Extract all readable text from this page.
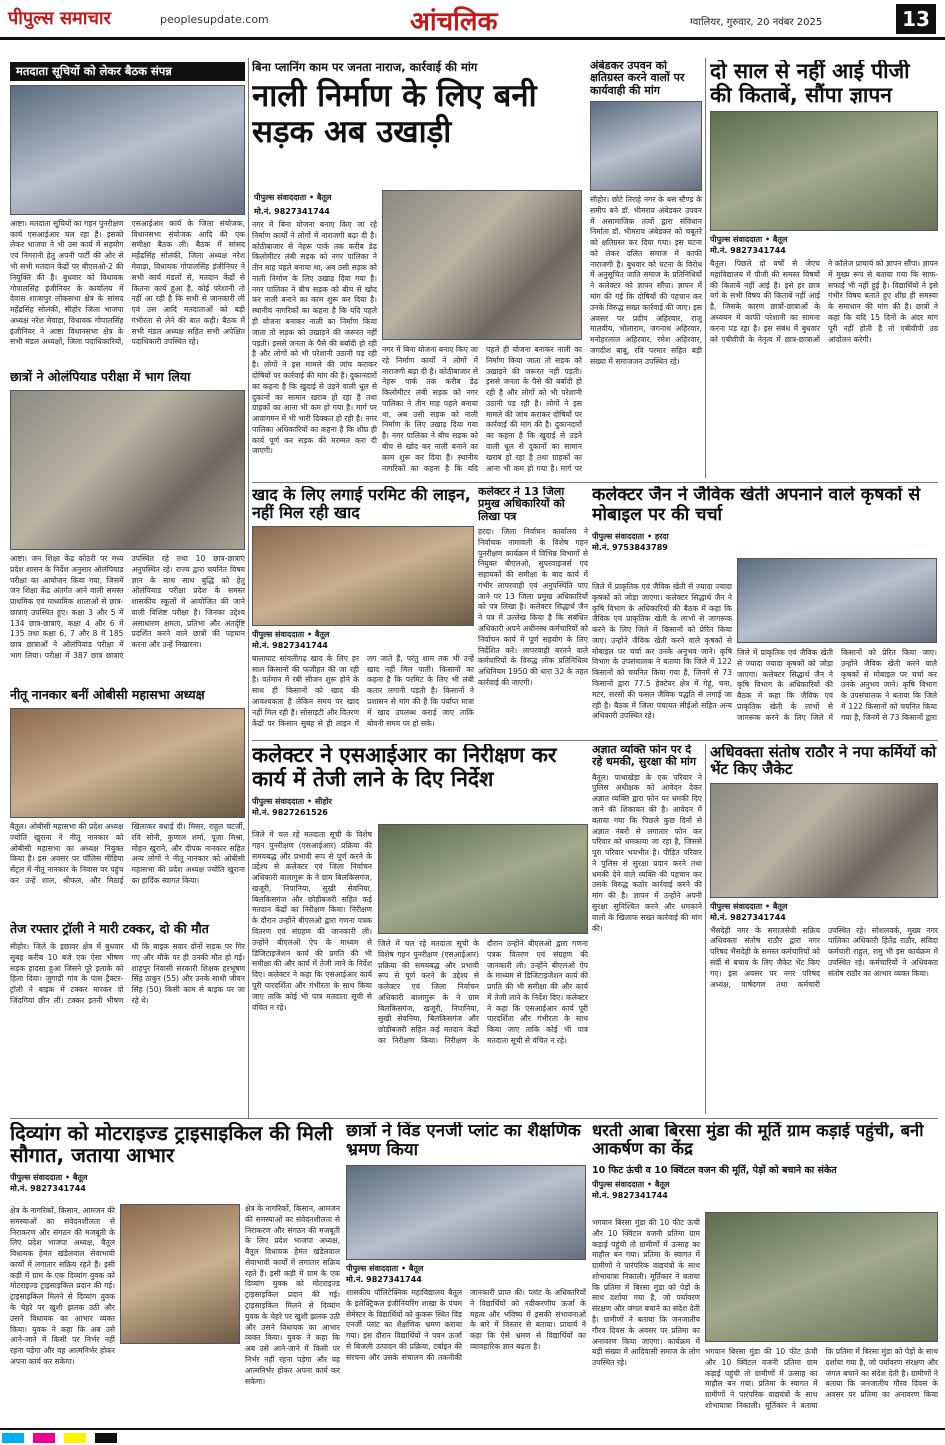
पीपुल्स समाचार	peoplesupdate.com	आंचलिक	ग्वालियर, गुरुवार, 20 नवंबर 2025	13
मतदाता सूचियों को लेकर बैठक संपन्न
आष्टा। मतदाता सूचियों का गहन पुनरीक्षण कार्य एसआईआर चल रहा है। इसको लेकर भाजपा ने भी उस कार्य में सहयोग एवं निगरानी हेतु अपनी पार्टी की ओर से भी सभी मतदान केंद्रों पर बीएलओ-2 की नियुक्ति की है। बुधवार को विधायक गोपालसिंह इंजीनियर के कार्यालय में देवास शाजापुर लोकसभा क्षेत्र के सांसद महेंद्रसिंह सोलंकी, सीहोर जिला भाजपा अध्यक्ष नरेश मेवाड़ा, विधायक गोपालसिंह इंजीनियर ने आष्टा विधानसभा क्षेत्र के सभी मंडल अध्यक्षों, जिला पदाधिकारियों, एसआईआर कार्य के जिला संयोजक, विधानसभा संयोजक आदि की एक समीक्षा बैठक ली। बैठक में सांसद महेंद्रसिंह सोलंकी, जिला अध्यक्ष नरेश मेवाड़ा, विधायक गोपालसिंह इंजीनियर ने सभी कार्य मंडलों से, मतदान केंद्रों से कितना कार्य हुआ है, कोई परेशानी तो नहीं आ रही है कि सभी से जानकारी ली एवं उस आदि मतदाताओं को बड़ी गंभीरता से लेने की बात कही। बैठक में सभी मंडल अध्यक्ष सहित सभी अपेक्षित पदाधिकारी उपस्थित रहे।
छात्रों ने ओलंपियाड परीक्षा में भाग लिया
आष्टा। जन शिक्षा केंद्र कोठरी पर मध्य प्रदेश शासन के निर्देश अनुसार ओलंपियाड परीक्षा का आयोजन किया गया, जिसमें जन शिक्षा केंद्र अंतर्गत आने वाली समस्त प्राथमिक एवं माध्यमिक शालाओं से छात्र-छात्राएं उपस्थित हुए। कक्षा 3 और 5 में 134 छात्र-छात्राएं, कक्षा 4 और 6 में 135 तथा कक्षा 6, 7 और 8 में 185 छात्र छात्राओं ने ओलंपियाड परीक्षा में भाग लिया। परीक्षा में 387 छात्र छात्राएं उपस्थित रहे तथा 10 छात्र-छात्राएं अनुपस्थित रहे। राज्य द्वारा चयनित विषय ज्ञान के साथ साथ बुद्धि को हेतु ओलंपियाड परीक्षा प्रदेश के समस्त शासकीय स्कूलों में आयोजित की जाने वाली विशिष्ट परीक्षा है। जिनका उद्देश्य असाधारण क्षमता, प्रतिभा और अंतर्दृष्टि प्रदर्शित करने वाले छात्रों की पहचान करना और उन्हें निखारना।
नीतू नानकार बनीं ओबीसी महासभा अध्यक्ष
बैतूल। ओबीसी महासभा की प्रदेश अध्यक्ष ज्योति खुराना ने नीतू नानकार को ओबीसी महासभा का अध्यक्ष नियुक्त किया है। इस अवसर पर पॉलिस मीडिया सेंट्रल में नीतू नानकार के निवास पर पहुंच कर उन्हें शाल, श्रीफल, और मिठाई खिलाकर बधाई दी। मिसर, राहुल चटर्जी, रवि सोनी, कुणाल शर्मा, पूजा मिश्रा, मोहन खुराने, और दीपक नानकार सहित अन्य लोगों ने नीतू नानकार को ओबीसी महासभा की प्रदेश अध्यक्ष ज्योति खुराना का हार्दिक स्वागत किया।
तेज रफ्तार ट्रॉली ने मारी टक्कर, दो की मौत
सीहोर। जिले के इछावर क्षेत्र में बुधवार सुबह करीब 10 बजे एक ऐसा भीषण सड़क हादसा हुआ जिसने पूरे इलाके को हिला दिया। जुगाड़ी गांव के पास ट्रैक्टर-ट्रॉली ने बाइक में टक्कर मारकर दो जिंदगियां छीन लीं। टक्कर इतनी भीषण थी कि बाइक सवार दोनों सड़क पर गिर गए और मौके पर ही उनकी मौत हो गई। शाहपुर निवासी सरकारी शिक्षक हरभूषण सिंह ठाकुर (55) और उनके साथी जीवन सिंह (50) किसी काम से बाइक पर जा रहे थे।
बिना प्लानिंग काम पर जनता नाराज, कार्रवाई की मांग
नाली निर्माण के लिए बनी सड़क अब उखाड़ी
पीपुल्स संवाददाता • बैतूल
मो.नं. 9827341744
नगर में बिना योजना बनाए किए जा रहे निर्माण कार्यों ने लोगों में नाराजगी बढ़ा दी है। कोठीबाजार से नेहरू पार्क तक करीब डेढ़ किलोमीटर लंबी सड़क को नगर पालिका ने तीन माह पहले बनाया था, अब उसी सड़क को नाली निर्माण के लिए उखाड़ दिया गया है। नगर पालिका ने बीच सड़क को बीच से खोद कर नाली बनाने का काम शुरू कर दिया है। स्थानीय नागरिकों का कहना है कि यदि पहले ही योजना बनाकर नाली का निर्माण किया जाता तो सड़क को उखाड़ने की जरूरत नहीं पड़ती। इससे जनता के पैसे की बर्बादी हो रही है और लोगों को भी परेशानी उठानी पड़ रही है। लोगों ने इस मामले की जांच कराकर दोषियों पर कार्रवाई की मांग की है। दुकानदारों का कहना है कि खुदाई से उड़ने वाली धूल से दुकानों का सामान खराब हो रहा है तथा ग्राहकों का आना भी कम हो गया है। मार्ग पर आवागमन में भी भारी दिक्कत हो रही है। नगर पालिका अधिकारियों का कहना है कि शीघ्र ही कार्य पूर्ण कर सड़क की मरम्मत करा दी जाएगी।
नगर में बिना योजना बनाए किए जा रहे निर्माण कार्यों ने लोगों में नाराजगी बढ़ा दी है। कोठीबाजार से नेहरू पार्क तक करीब डेढ़ किलोमीटर लंबी सड़क को नगर पालिका ने तीन माह पहले बनाया था, अब उसी सड़क को नाली निर्माण के लिए उखाड़ दिया गया है। नगर पालिका ने बीच सड़क को बीच से खोद कर नाली बनाने का काम शुरू कर दिया है। स्थानीय नागरिकों का कहना है कि यदि पहले ही योजना बनाकर नाली का निर्माण किया जाता तो सड़क को उखाड़ने की जरूरत नहीं पड़ती। इससे जनता के पैसे की बर्बादी हो रही है और लोगों को भी परेशानी उठानी पड़ रही है। लोगों ने इस मामले की जांच कराकर दोषियों पर कार्रवाई की मांग की है। दुकानदारों का कहना है कि खुदाई से उड़ने वाली धूल से दुकानों का सामान खराब हो रहा है तथा ग्राहकों का आना भी कम हो गया है। मार्ग पर
अंबेडकर उपवन को क्षतिग्रस्त करने वालों पर कार्यवाही की मांग
सीहोर। छोटे तिराहे नगर के बस स्टैण्ड के समीप बने डॉ. भीमराव अंबेडकर उपवन में असामाजिक तत्वों द्वारा संविधान निर्माता डॉ. भीमराव अंबेडकर को चबूतरे को क्षतिग्रस्त कर दिया गया। इस घटना को लेकर दलित समाज में काफी नाराजगी है। बुधवार को घटना के विरोध में अनुसूचित जाति समाज के प्रतिनिधियों ने कलेक्टर को ज्ञापन सौंपा। ज्ञापन में मांग की गई कि दोषियों की पहचान कर उनके विरुद्ध सख्त कार्रवाई की जाए। इस अवसर पर प्रदीप अहिरवार, राजू मालवीय, भोलाराम, जगनाथ अहिरवार, मनोहरलाल अहिरवार, रमेश अहिरवार, जगदीश बाबू, रवि परमार सहित बड़ी संख्या में समाजजन उपस्थित रहे।
दो साल से नहीं आई पीजी की किताबें, सौंपा ज्ञापन
पीपुल्स संवाददाता • बैतूल
मो.नं. 9827341744
बैतूल। पिछले दो वर्षों से जेएच महाविद्यालय में पीजी की समस्त विषयों की किताबें नहीं आई है। इसे हर छात्र वर्ग के सभी विषय की किताबें नहीं आई है, जिसके कारण छात्रों-छात्राओं के अध्ययन में काफी परेशानी का सामना करना पड़ रहा है। इस संबंध में बुधवार को एबीवीपी के नेतृत्व में छात्र-छात्राओं ने कॉलेज प्राचार्य को ज्ञापन सौंपा। ज्ञापन में मुख्य रूप से बताया गया कि साफ-सफाई भी नहीं हुई है। विद्यार्थियों ने इसे गंभीर विषय बताते हुए शीघ्र ही समस्या के समाधान की मांग की है। छात्रों ने कहा कि यदि 15 दिनों के अंदर मांग पूरी नहीं होती है तो एबीवीपी उग्र आंदोलन करेगी।
खाद के लिए लगाई परमिट की लाइन, नहीं मिल रही खाद
पीपुल्स संवाददाता • बैतूल
मो.नं. 9827341744
बालाघाट सांवलीगढ़ खाद के लिए हर साल किसानों की फजीहत की जा रही है। वर्तमान में रबी सीजन शुरू होने के साथ ही किसानों को खाद की आवश्यकता है लेकिन समय पर खाद नहीं मिल रही है। सोसाइटी और वितरण केंद्रों पर किसान सुबह से ही लाइन में लग जाते हैं, परंतु शाम तक भी उन्हें खाद नहीं मिल पाती। किसानों का कहना है कि परमिट के लिए भी लंबी कतार लगानी पड़ती है। किसानों ने प्रशासन से मांग की है कि पर्याप्त मात्रा में खाद उपलब्ध कराई जाए ताकि बोवनी समय पर हो सके।
कलेक्टर ने 13 जिला प्रमुख अधिकारियों को लिखा पत्र
हरदा। जिला निर्वाचन कार्यालय ने निर्वाचक नामावली के विशेष गहन पुनरीक्षण कार्यक्रम में विभिन्न विभागों से नियुक्त बीएलओ, सुपरवाइजर्स एवं सहायकों की समीक्षा के बाद कार्य में गंभीर लापरवाही एवं अनुपस्थिति पाए जाने पर 13 जिला प्रमुख अधिकारियों को पत्र लिखा है। कलेक्टर सिद्धार्थ जैन ने पत्र में उल्लेख किया है कि संबंधित अधिकारी अपने अधीनस्थ कर्मचारियों को निर्वाचन कार्य में पूर्ण सहयोग के लिए निर्देशित करें। लापरवाही बरतने वाले कर्मचारियों के विरुद्ध लोक प्रतिनिधित्व अधिनियम 1950 की धारा 32 के तहत कार्रवाई की जाएगी।
कलेक्टर जैन ने जैविक खेती अपनाने वाले कृषकों से मोबाइल पर की चर्चा
पीपुल्स संवाददाता • हरदा
मो.नं. 9753843789
जिले में प्राकृतिक एवं जैविक खेती से ज्यादा ज्यादा कृषकों को जोड़ा जाएगा। कलेक्टर सिद्धार्थ जैन ने कृषि विभाग के अधिकारियों की बैठक में कहा कि जैविक एवं प्राकृतिक खेती के लाभों से जागरूक करने के लिए जिले में किसानों को प्रेरित किया जाए। उन्होंने जैविक खेती करने वाले कृषकों से मोबाइल पर चर्चा कर उनके अनुभव जाने। कृषि विभाग के उपसंचालक ने बताया कि जिले में 122 किसानों को चयनित किया गया है, जिनमें से 73 किसानों द्वारा 77.5 हेक्टेयर क्षेत्र में गेहूं, चना, मटर, सरसों की फसल जैविक पद्धति से लगाई जा रही है। बैठक में जिला पंचायत सीईओ सहित अन्य अधिकारी उपस्थित रहे।
जिले में प्राकृतिक एवं जैविक खेती से ज्यादा ज्यादा कृषकों को जोड़ा जाएगा। कलेक्टर सिद्धार्थ जैन ने कृषि विभाग के अधिकारियों की बैठक में कहा कि जैविक एवं प्राकृतिक खेती के लाभों से जागरूक करने के लिए जिले में किसानों को प्रेरित किया जाए। उन्होंने जैविक खेती करने वाले कृषकों से मोबाइल पर चर्चा कर उनके अनुभव जाने। कृषि विभाग के उपसंचालक ने बताया कि जिले में 122 किसानों को चयनित किया गया है, जिनमें से 73 किसानों द्वारा
कलेक्टर ने एसआईआर का निरीक्षण कर कार्य में तेजी लाने के दिए निर्देश
पीपुल्स संवाददाता • सीहोर
मो.नं. 9827261526
जिले में चल रहे मतदाता सूची के विशेष गहन पुनरीक्षण (एसआईआर) प्रक्रिया की समयबद्ध और प्रभावी रूप से पूर्ण करने के उद्देश्य से कलेक्टर एवं जिला निर्वाचन अधिकारी बालागुरू के ने ग्राम बिलकिसगंज, खजूरी, निपानिया, सुखी सेवनिया, बिलकिसगंज और छोड़ीबजरी सहित कई मतदान केंद्रों का निरीक्षण किया। निरीक्षण के दौरान उन्होंने बीएलओ द्वारा गणना पत्रक वितरण एवं संग्रहण की जानकारी ली। उन्होंने बीएलओ ऐप के माध्यम से डिजिटाइजेशन कार्य की प्रगति की भी समीक्षा की और कार्य में तेजी लाने के निर्देश दिए। कलेक्टर ने कहा कि एसआईआर कार्य पूरी पारदर्शिता और गंभीरता के साथ किया जाए ताकि कोई भी पात्र मतदाता सूची से वंचित न रहे।
जिले में चल रहे मतदाता सूची के विशेष गहन पुनरीक्षण (एसआईआर) प्रक्रिया की समयबद्ध और प्रभावी रूप से पूर्ण करने के उद्देश्य से कलेक्टर एवं जिला निर्वाचन अधिकारी बालागुरू के ने ग्राम बिलकिसगंज, खजूरी, निपानिया, सुखी सेवनिया, बिलकिसगंज और छोड़ीबजरी सहित कई मतदान केंद्रों का निरीक्षण किया। निरीक्षण के दौरान उन्होंने बीएलओ द्वारा गणना पत्रक वितरण एवं संग्रहण की जानकारी ली। उन्होंने बीएलओ ऐप के माध्यम से डिजिटाइजेशन कार्य की प्रगति की भी समीक्षा की और कार्य में तेजी लाने के निर्देश दिए। कलेक्टर ने कहा कि एसआईआर कार्य पूरी पारदर्शिता और गंभीरता के साथ किया जाए ताकि कोई भी पात्र मतदाता सूची से वंचित न रहे।
अज्ञात व्यक्ति फोन पर दे रहे धमकी, सुरक्षा की मांग
बैतूल। पाथाखेड़ा के एक परिवार ने पुलिस अधीक्षक को आवेदन देकर अज्ञात व्यक्ति द्वारा फोन पर धमकी दिए जाने की शिकायत की है। आवेदन में बताया गया कि पिछले कुछ दिनों से अज्ञात नंबरों से लगातार फोन कर परिवार को धमकाया जा रहा है, जिससे पूरा परिवार भयभीत है। पीड़ित परिवार ने पुलिस से सुरक्षा प्रदान करने तथा धमकी देने वाले व्यक्ति की पहचान कर उसके विरुद्ध कठोर कार्रवाई करने की मांग की है। ज्ञापन में उन्होंने अपनी सुरक्षा सुनिश्चित करने और धमकाने वालों के खिलाफ सख्त कार्रवाई की मांग की।
अधिवक्ता संतोष राठौर ने नपा कर्मियों को भेंट किए जैकेट
पीपुल्स संवाददाता • बैतूल
मो.नं. 9827341744
भैंसदेही नगर के समाजसेवी सक्रिय अधिवक्ता संतोष राठौर द्वारा नगर परिषद भैंसदेही के समस्त कर्मचारियों को सर्दी से बचाव के लिए जैकेट भेंट किए गए। इस अवसर पर नगर परिषद अध्यक्ष, पार्षदगण तथा कर्मचारी उपस्थित रहे। सोशलवर्क, मुख्य नगर पालिका अधिकारी हितेंद्र राठौर, संविदा कर्मचारी राहुल, रामु भी इस कार्यक्रम में उपस्थित रहे। कर्मचारियों ने अधिवक्ता संतोष राठौर का आभार व्यक्त किया।
दिव्यांग को मोटराइज्ड ट्राइसाइकिल की मिली सौगात, जताया आभार
पीपुल्स संवाददाता • बैतूल
मो.नं. 9827341744
क्षेत्र के नागरिकों, किसान, आमजन की समस्याओं का संवेदनशीलता से निराकरण और संगठन की मजबूती के लिए प्रदेश भाजपा अध्यक्ष, बैतूल विधायक हेमंत खंडेलवाल सेवाभावी कार्यों में लगातार सक्रिय रहते हैं। इसी कड़ी में ग्राम के एक दिव्यांग युवक को मोटराइज्ड ट्राइसाइकिल प्रदान की गई। ट्राइसाइकिल मिलने से दिव्यांग युवक के चेहरे पर खुशी झलक उठी और उसने विधायक का आभार व्यक्त किया। युवक ने कहा कि अब उसे आने-जाने में किसी पर निर्भर नहीं रहना पड़ेगा और वह आत्मनिर्भर होकर अपना कार्य कर सकेगा।
क्षेत्र के नागरिकों, किसान, आमजन की समस्याओं का संवेदनशीलता से निराकरण और संगठन की मजबूती के लिए प्रदेश भाजपा अध्यक्ष, बैतूल विधायक हेमंत खंडेलवाल सेवाभावी कार्यों में लगातार सक्रिय रहते हैं। इसी कड़ी में ग्राम के एक दिव्यांग युवक को मोटराइज्ड ट्राइसाइकिल प्रदान की गई। ट्राइसाइकिल मिलने से दिव्यांग युवक के चेहरे पर खुशी झलक उठी और उसने विधायक का आभार व्यक्त किया। युवक ने कहा कि अब उसे आने-जाने में किसी पर निर्भर नहीं रहना पड़ेगा और वह आत्मनिर्भर होकर अपना कार्य कर सकेगा।
छात्रों ने विंड एनर्जी प्लांट का शैक्षणिक भ्रमण किया
पीपुल्स संवाददाता • बैतूल
मो.नं. 9827341744
शासकीय पॉलिटेक्निक महाविद्यालय बैतूल के इलेक्ट्रिकल इंजीनियरिंग शाखा के पंचम सेमेस्टर के विद्यार्थियों को कुकरू स्थित विंड एनर्जी प्लांट का शैक्षणिक भ्रमण कराया गया। इस दौरान विद्यार्थियों ने पवन ऊर्जा से बिजली उत्पादन की प्रक्रिया, टर्बाइन की संरचना और उसके संचालन की तकनीकी जानकारी प्राप्त की। प्लांट के अधिकारियों ने विद्यार्थियों को नवीकरणीय ऊर्जा के महत्व और भविष्य में इसकी संभावनाओं के बारे में विस्तार से बताया। प्राचार्य ने कहा कि ऐसे भ्रमण से विद्यार्थियों का व्यावहारिक ज्ञान बढ़ता है।
धरती आबा बिरसा मुंडा की मूर्ति ग्राम कड़ाई पहुंची, बनी आकर्षण का केंद्र
10 फिट ऊंची व 10 क्विंटल वजन की मूर्ति, पेड़ों को बचाने का संकेत
पीपुल्स संवाददाता • बैतूल
मो.नं. 9827341744
भगवान बिरसा मुंडा की 10 फीट ऊंची और 10 क्विंटल वजनी प्रतिमा ग्राम कड़ाई पहुंची तो ग्रामीणों में उत्साह का माहौल बन गया। प्रतिमा के स्वागत में ग्रामीणों ने पारंपरिक वाद्ययंत्रों के साथ शोभायात्रा निकाली। मूर्तिकार ने बताया कि प्रतिमा में बिरसा मुंडा को पेड़ों के साथ दर्शाया गया है, जो पर्यावरण संरक्षण और जंगल बचाने का संदेश देती है। ग्रामीणों ने बताया कि जनजातीय गौरव दिवस के अवसर पर प्रतिमा का अनावरण किया जाएगा। कार्यक्रम में बड़ी संख्या में आदिवासी समाज के लोग उपस्थित रहे।
भगवान बिरसा मुंडा की 10 फीट ऊंची और 10 क्विंटल वजनी प्रतिमा ग्राम कड़ाई पहुंची तो ग्रामीणों में उत्साह का माहौल बन गया। प्रतिमा के स्वागत में ग्रामीणों ने पारंपरिक वाद्ययंत्रों के साथ शोभायात्रा निकाली। मूर्तिकार ने बताया कि प्रतिमा में बिरसा मुंडा को पेड़ों के साथ दर्शाया गया है, जो पर्यावरण संरक्षण और जंगल बचाने का संदेश देती है। ग्रामीणों ने बताया कि जनजातीय गौरव दिवस के अवसर पर प्रतिमा का अनावरण किया
